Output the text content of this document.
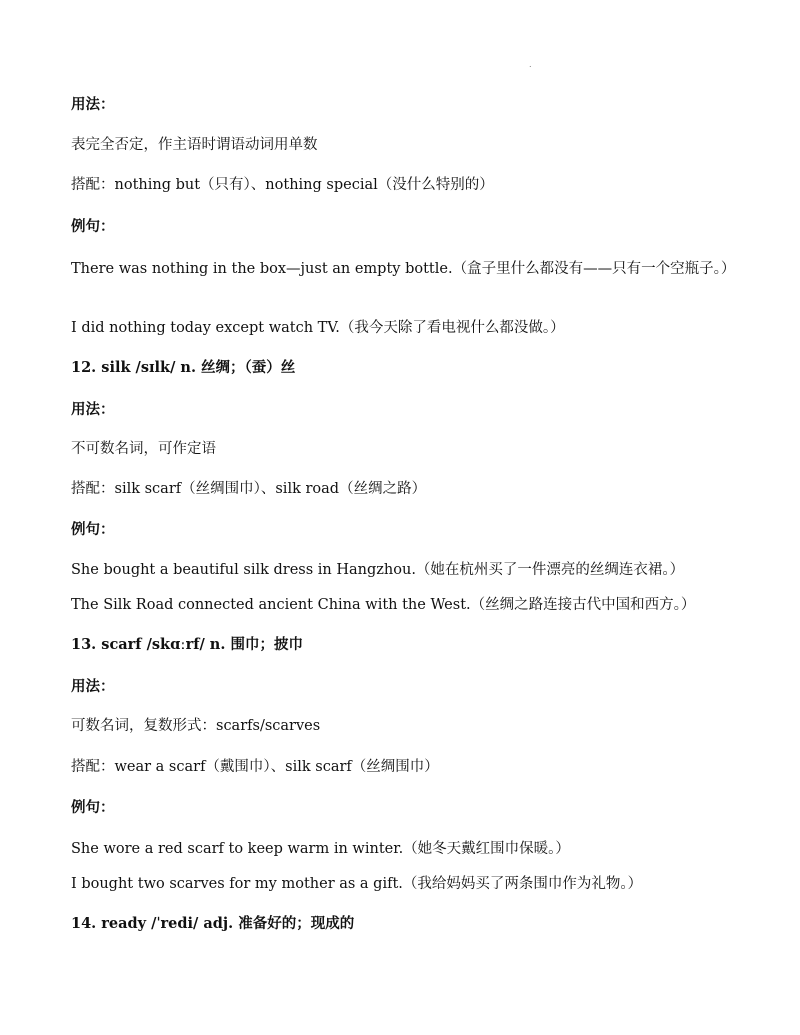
.
用法：
表完全否定，作主语时谓语动词用单数
搭配：nothing but（只有）、nothing special（没什么特别的）
例句：
There was nothing in the box—just an empty bottle.（盒子里什么都没有——只有一个空瓶子。）
I did nothing today except watch TV.（我今天除了看电视什么都没做。）
12. silk /sɪlk/ n. 丝绸；（蚕）丝
用法：
不可数名词，可作定语
搭配：silk scarf（丝绸围巾）、silk road（丝绸之路）
例句：
She bought a beautiful silk dress in Hangzhou.（她在杭州买了一件漂亮的丝绸连衣裙。）
The Silk Road connected ancient China with the West.（丝绸之路连接古代中国和西方。）
13. scarf /skɑːrf/ n. 围巾；披巾
用法：
可数名词，复数形式：scarfs/scarves
搭配：wear a scarf（戴围巾）、silk scarf（丝绸围巾）
例句：
She wore a red scarf to keep warm in winter.（她冬天戴红围巾保暖。）
I bought two scarves for my mother as a gift.（我给妈妈买了两条围巾作为礼物。）
14. ready /ˈredi/ adj. 准备好的；现成的
